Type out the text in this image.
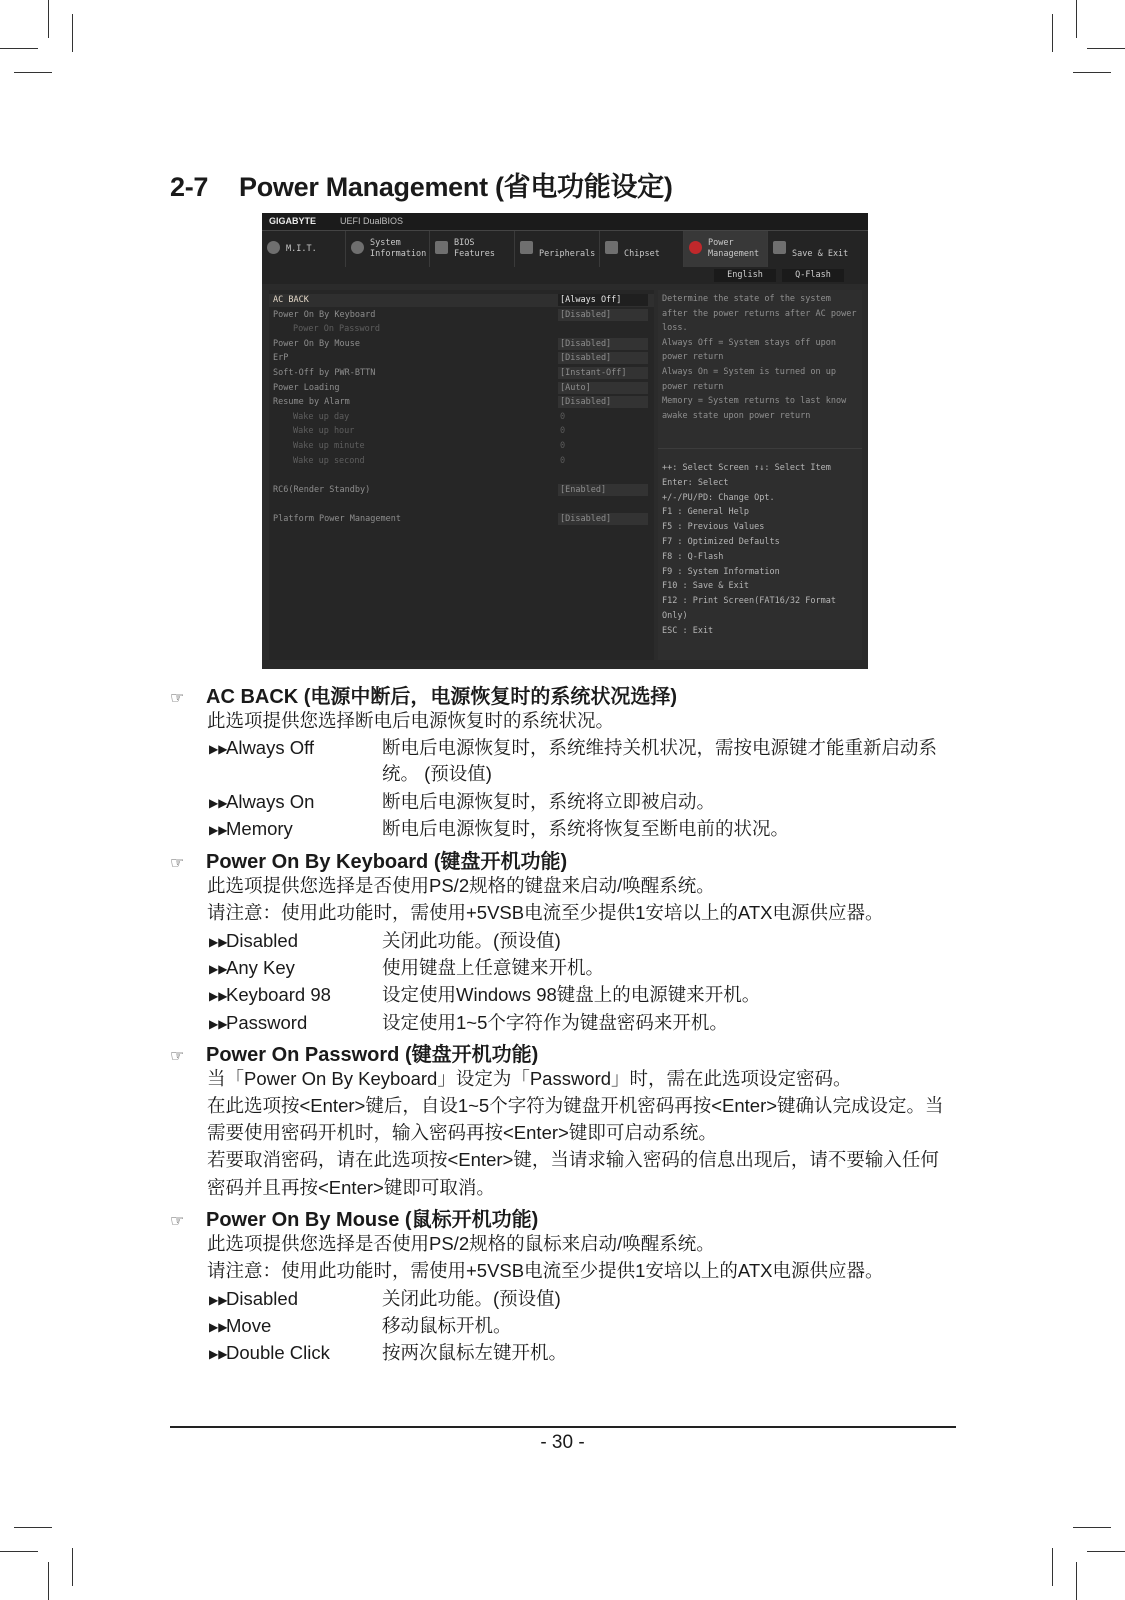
2-7 Power Management (省电功能设定)
GIGABYTE	UEFI DualBIOS
M.I.T.
System
Information
BIOS
Features	Peripherals	Chipset
Power
Management	Save & Exit
English	Q-Flash
AC BACK	[Always Off]
Power On By Keyboard	[Disabled]
Power On Password
Power On By Mouse	[Disabled]
ErP	[Disabled]
Soft-Off by PWR-BTTN	[Instant-Off]
Power Loading	[Auto]
Resume by Alarm	[Disabled]
Wake up day	0
Wake up hour	0
Wake up minute	0
Wake up second	0
RC6(Render Standby)	[Enabled]
Platform Power Management	[Disabled]
Determine the state of the system
after the power returns after AC power
loss.
Always Off = System stays off upon
power return
Always On = System is turned on up
power return
Memory = System returns to last know
awake state upon power return
++: Select Screen ↑↓: Select Item
Enter: Select
+/-/PU/PD: Change Opt.
F1 : General Help
F5 : Previous Values
F7 : Optimized Defaults
F8 : Q-Flash
F9 : System Information
F10 : Save & Exit
F12 : Print Screen(FAT16/32 Format Only)
ESC : Exit
☞ AC BACK (电源中断后，电源恢复时的系统状况选择)
此选项提供您选择断电后电源恢复时的系统状况。
▶▶
Always Off	断电后电源恢复时，系统维持关机状况，需按电源键才能重新启动系统。 (预设值)
▶▶
Always On	断电后电源恢复时，系统将立即被启动。
▶▶
Memory	断电后电源恢复时，系统将恢复至断电前的状况。
☞ Power On By Keyboard (键盘开机功能)
此选项提供您选择是否使用PS/2规格的键盘来启动/唤醒系统。
请注意：使用此功能时，需使用+5VSB电流至少提供1安培以上的ATX电源供应器。
▶▶
Disabled	关闭此功能。(预设值)
▶▶
Any Key	使用键盘上任意键来开机。
▶▶
Keyboard 98	设定使用Windows 98键盘上的电源键来开机。
▶▶
Password	设定使用1~5个字符作为键盘密码来开机。
☞ Power On Password (键盘开机功能)
当「Power On By Keyboard」设定为「Password」时，需在此选项设定密码。
在此选项按<Enter>键后，自设1~5个字符为键盘开机密码再按<Enter>键确认完成设定。当
需要使用密码开机时，输入密码再按<Enter>键即可启动系统。
若要取消密码，请在此选项按<Enter>键，当请求输入密码的信息出现后，请不要输入任何
密码并且再按<Enter>键即可取消。
☞ Power On By Mouse (鼠标开机功能)
此选项提供您选择是否使用PS/2规格的鼠标来启动/唤醒系统。
请注意：使用此功能时，需使用+5VSB电流至少提供1安培以上的ATX电源供应器。
▶▶
Disabled	关闭此功能。(预设值)
▶▶
Move	移动鼠标开机。
▶▶
Double Click	按两次鼠标左键开机。
- 30 -
